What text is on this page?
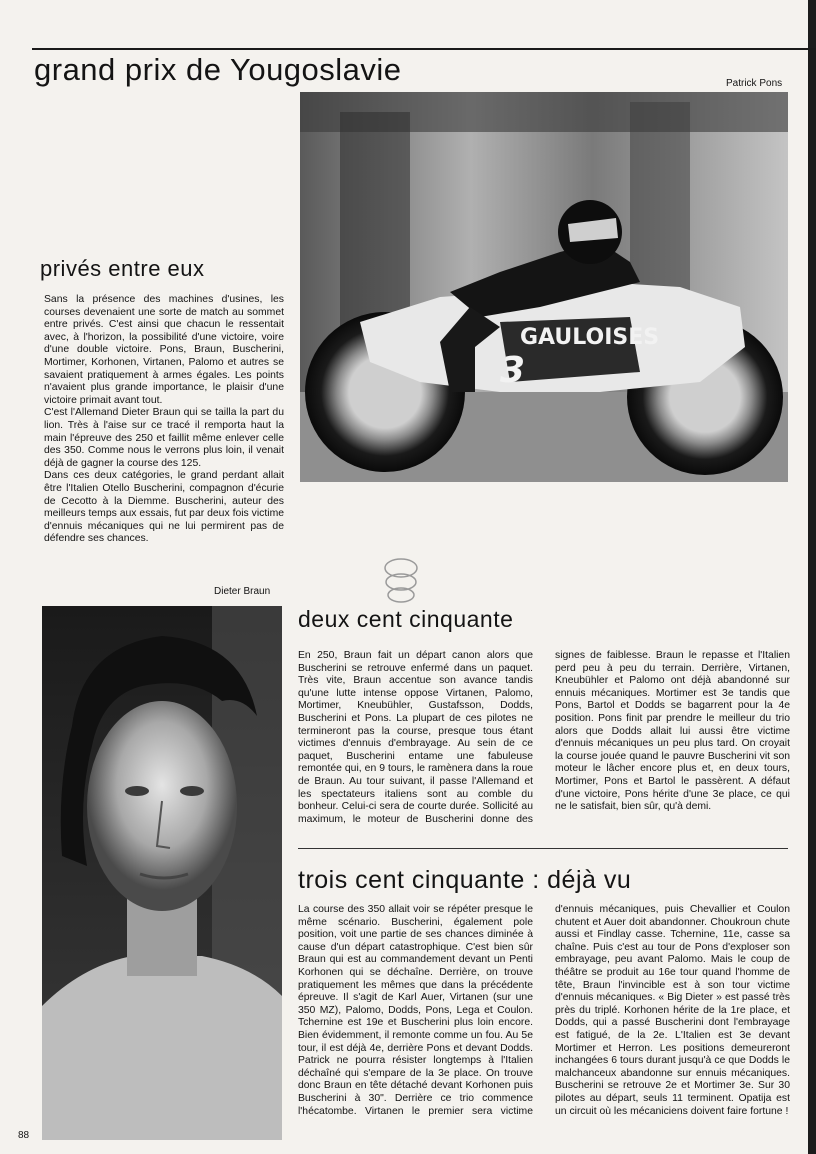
grand prix de Yougoslavie	Patrick Pons
GAULOISES
3
privés entre eux

Sans la présence des machines d'usines, les courses devenaient une sorte de match au sommet entre privés. C'est ainsi que chacun le ressentait avec, à l'horizon, la possibilité d'une victoire, voire d'une double victoire. Pons, Braun, Buscherini, Mortimer, Korhonen, Virtanen, Palomo et autres se savaient pratiquement à armes égales. Les points n'avaient plus grande importance, le plaisir d'une victoire primait avant tout.

C'est l'Allemand Dieter Braun qui se tailla la part du lion. Très à l'aise sur ce tracé il remporta haut la main l'épreuve des 250 et faillit même enlever celle des 350. Comme nous le verrons plus loin, il venait déjà de gagner la course des 125.

Dans ces deux catégories, le grand perdant allait être l'Italien Otello Buscherini, compagnon d'écurie de Cecotto à la Diemme. Buscherini, auteur des meilleurs temps aux essais, fut par deux fois victime d'ennuis mécaniques qui ne lui permirent pas de défendre ses chances.

Dieter Braun
deux cent cinquante
En 250, Braun fait un départ canon alors que Buscherini se retrouve enfermé dans un paquet. Très vite, Braun accentue son avance tandis qu'une lutte intense oppose Virtanen, Palomo, Mortimer, Kneubühler, Gustafsson, Dodds, Buscherini et Pons. La plupart de ces pilotes ne termineront pas la course, presque tous étant victimes d'ennuis d'embrayage. Au sein de ce paquet, Buscherini entame une fabuleuse remontée qui, en 9 tours, le ramènera dans la roue de Braun. Au tour suivant, il passe l'Allemand et les spectateurs italiens sont au comble du bonheur. Celui-ci sera de courte durée. Sollicité au maximum, le moteur de Buscherini donne des signes de faiblesse. Braun le repasse et l'Italien perd peu à peu du terrain. Derrière, Virtanen, Kneubühler et Palomo ont déjà abandonné sur ennuis mécaniques. Mortimer est 3e tandis que Pons, Bartol et Dodds se bagarrent pour la 4e position. Pons finit par prendre le meilleur du trio alors que Dodds allait lui aussi être victime d'ennuis mécaniques un peu plus tard. On croyait la course jouée quand le pauvre Buscherini vit son moteur le lâcher encore plus et, en deux tours, Mortimer, Pons et Bartol le passèrent. A défaut d'une victoire, Pons hérite d'une 3e place, ce qui ne le satisfait, bien sûr, qu'à demi.
trois cent cinquante : déjà vu
La course des 350 allait voir se répéter presque le même scénario. Buscherini, également pole position, voit une partie de ses chances diminée à cause d'un départ catastrophique. C'est bien sûr Braun qui est au commandement devant un Penti Korhonen qui se déchaîne. Derrière, on trouve pratiquement les mêmes que dans la précédente épreuve. Il s'agit de Karl Auer, Virtanen (sur une 350 MZ), Palomo, Dodds, Pons, Lega et Coulon. Tchernine est 19e et Buscherini plus loin encore. Bien évidemment, il remonte comme un fou. Au 5e tour, il est déjà 4e, derrière Pons et devant Dodds. Patrick ne pourra résister longtemps à l'Italien déchaîné qui s'empare de la 3e place. On trouve donc Braun en tête détaché devant Korhonen puis Buscherini à 30". Derrière ce trio commence l'hécatombe. Virtanen le premier sera victime d'ennuis mécaniques, puis Chevallier et Coulon chutent et Auer doit abandonner. Choukroun chute aussi et Findlay casse. Tchernine, 11e, casse sa chaîne. Puis c'est au tour de Pons d'exploser son embrayage, peu avant Palomo. Mais le coup de théâtre se produit au 16e tour quand l'homme de tête, Braun l'invincible est à son tour victime d'ennuis mécaniques. « Big Dieter » est passé très près du triplé. Korhonen hérite de la 1re place, et Dodds, qui a passé Buscherini dont l'embrayage est fatigué, de la 2e. L'Italien est 3e devant Mortimer et Herron. Les positions demeureront inchangées 6 tours durant jusqu'à ce que Dodds le malchanceux abandonne sur ennuis mécaniques. Buscherini se retrouve 2e et Mortimer 3e. Sur 30 pilotes au départ, seuls 11 terminent. Opatija est un circuit où les mécaniciens doivent faire fortune !
88
